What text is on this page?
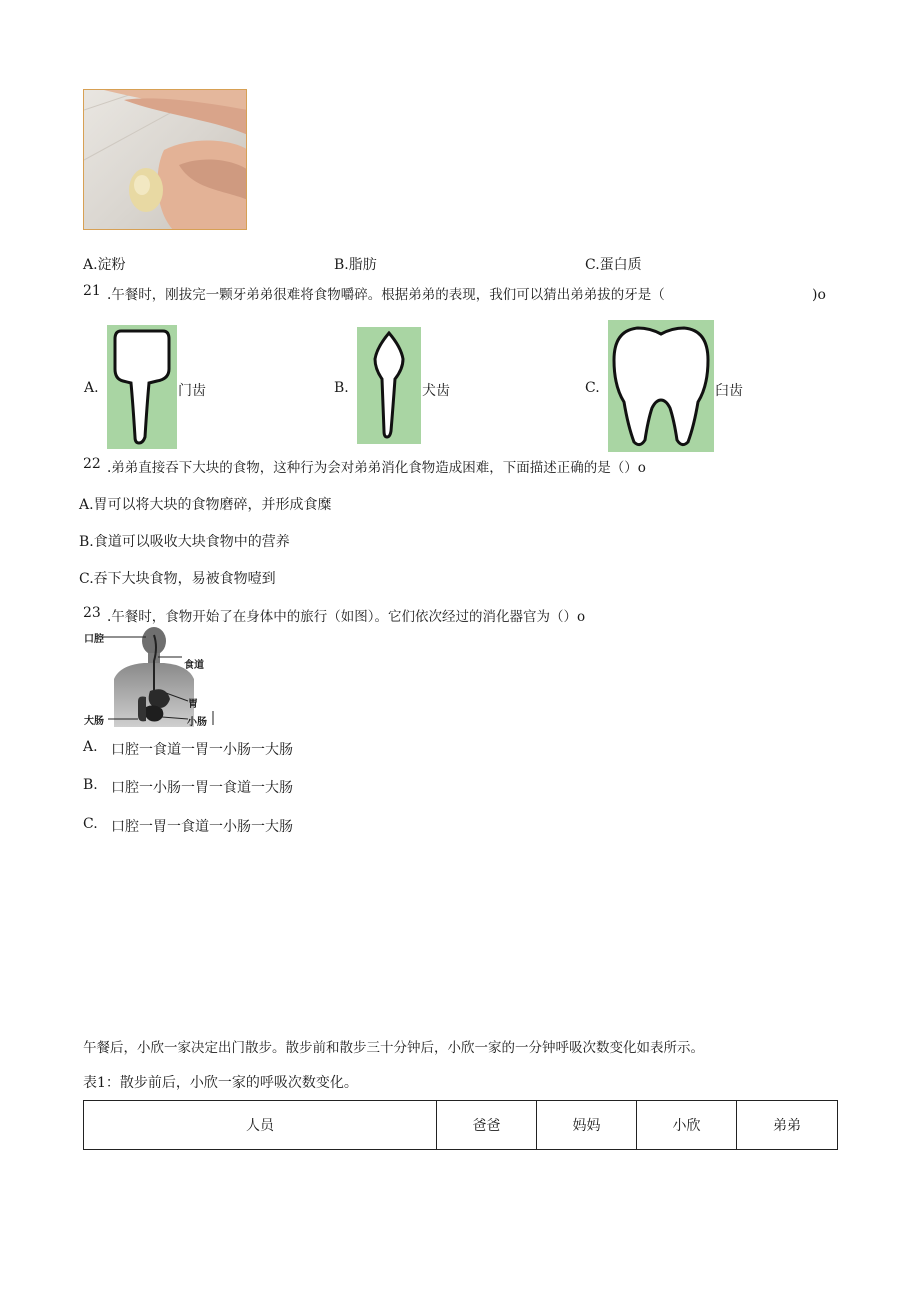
A.淀粉	B.脂肪	C.蛋白质
21 .午餐时，刚拔完一颗牙弟弟很难将食物嚼碎。根据弟弟的表现，我们可以猜出弟弟拔的牙是（	)o
A.	门齿	B.	犬齿	C.	臼齿
22 .弟弟直接吞下大块的食物，这种行为会对弟弟消化食物造成困难，下面描述正确的是（）o
A.胃可以将大块的食物磨碎，并形成食糜
B.食道可以吸收大块食物中的营养
C.吞下大块食物，易被食物噎到
23 .午餐时，食物开始了在身体中的旅行（如图）。它们依次经过的消化器官为（）o
口腔
食道
胃
大肠	小肠
A. 口腔一食道一胃一小肠一大肠
B. 口腔一小肠一胃一食道一大肠
C. 口腔一胃一食道一小肠一大肠
午餐后，小欣一家决定出门散步。散步前和散步三十分钟后，小欣一家的一分钟呼吸次数变化如表所示。
表1：散步前后，小欣一家的呼吸次数变化。
人员	爸爸	妈妈	小欣	弟弟
